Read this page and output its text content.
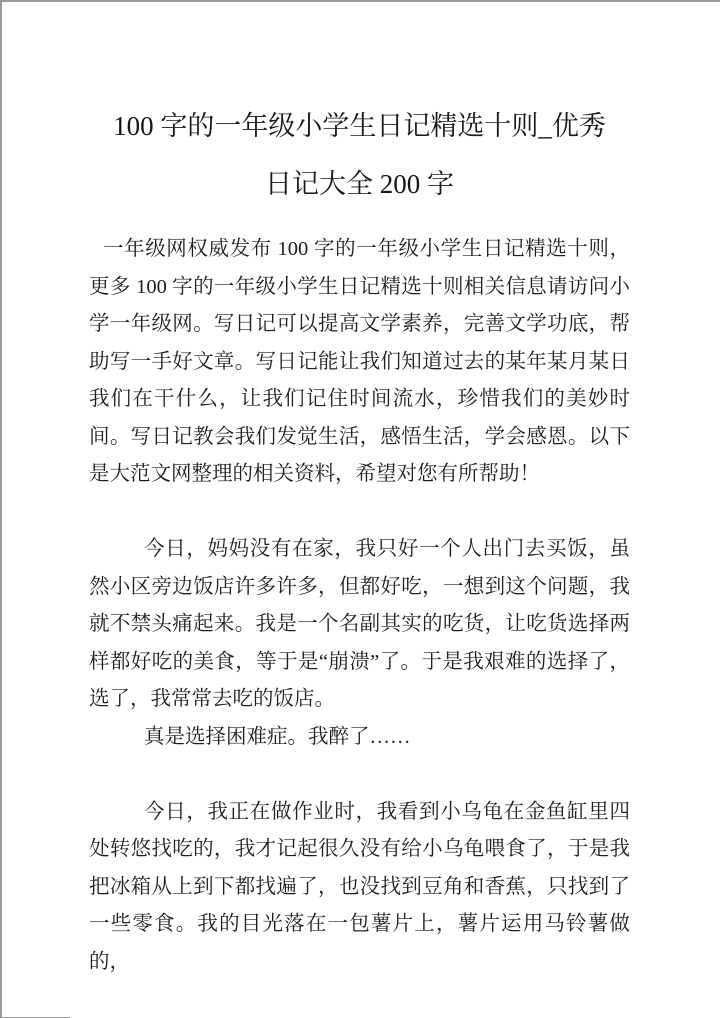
100 字的一年级小学生日记精选十则_优秀
日记大全 200 字

一年级网权威发布 100 字的一年级小学生日记精选十则，更多 100 字的一年级小学生日记精选十则相关信息请访问小学一年级网。写日记可以提高文学素养，完善文学功底，帮助写一手好文章。写日记能让我们知道过去的某年某月某日我们在干什么，让我们记住时间流水，珍惜我们的美妙时间。写日记教会我们发觉生活，感悟生活，学会感恩。以下是大范文网整理的相关资料，希望对您有所帮助！

今日，妈妈没有在家，我只好一个人出门去买饭，虽然小区旁边饭店许多许多，但都好吃，一想到这个问题，我就不禁头痛起来。我是一个名副其实的吃货，让吃货选择两样都好吃的美食，等于是“崩溃”了。于是我艰难的选择了，选了，我常常去吃的饭店。

真是选择困难症。我醉了……

今日，我正在做作业时，我看到小乌龟在金鱼缸里四处转悠找吃的，我才记起很久没有给小乌龟喂食了，于是我把冰箱从上到下都找遍了，也没找到豆角和香蕉，只找到了一些零食。我的目光落在一包薯片上，薯片运用马铃薯做的，
